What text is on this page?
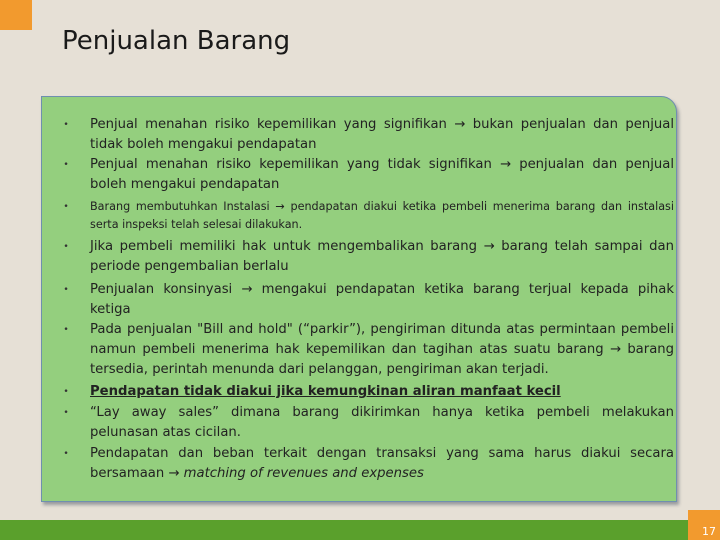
Penjualan Barang
• Penjual menahan risiko kepemilikan yang signifikan → bukan penjualan dan penjual tidak boleh mengakui pendapatan
• Penjual menahan risiko kepemilikan yang tidak signifikan → penjualan dan penjual boleh mengakui pendapatan
• Barang membutuhkan Instalasi → pendapatan diakui ketika pembeli menerima barang dan instalasi serta inspeksi telah selesai dilakukan.
• Jika pembeli memiliki hak untuk mengembalikan barang → barang telah sampai dan periode pengembalian berlalu
• Penjualan konsinyasi → mengakui pendapatan ketika barang terjual kepada pihak ketiga
• Pada penjualan "Bill and hold" (“parkir”), pengiriman ditunda atas permintaan pembeli namun pembeli menerima hak kepemilikan dan tagihan atas suatu barang → barang tersedia, perintah menunda dari pelanggan, pengiriman akan terjadi.
• Pendapatan tidak diakui jika kemungkinan aliran manfaat kecil
• “Lay away sales” dimana barang dikirimkan hanya ketika pembeli melakukan pelunasan atas cicilan.
• Pendapatan dan beban terkait dengan transaksi yang sama harus diakui secara bersamaan → matching of revenues and expenses
17
